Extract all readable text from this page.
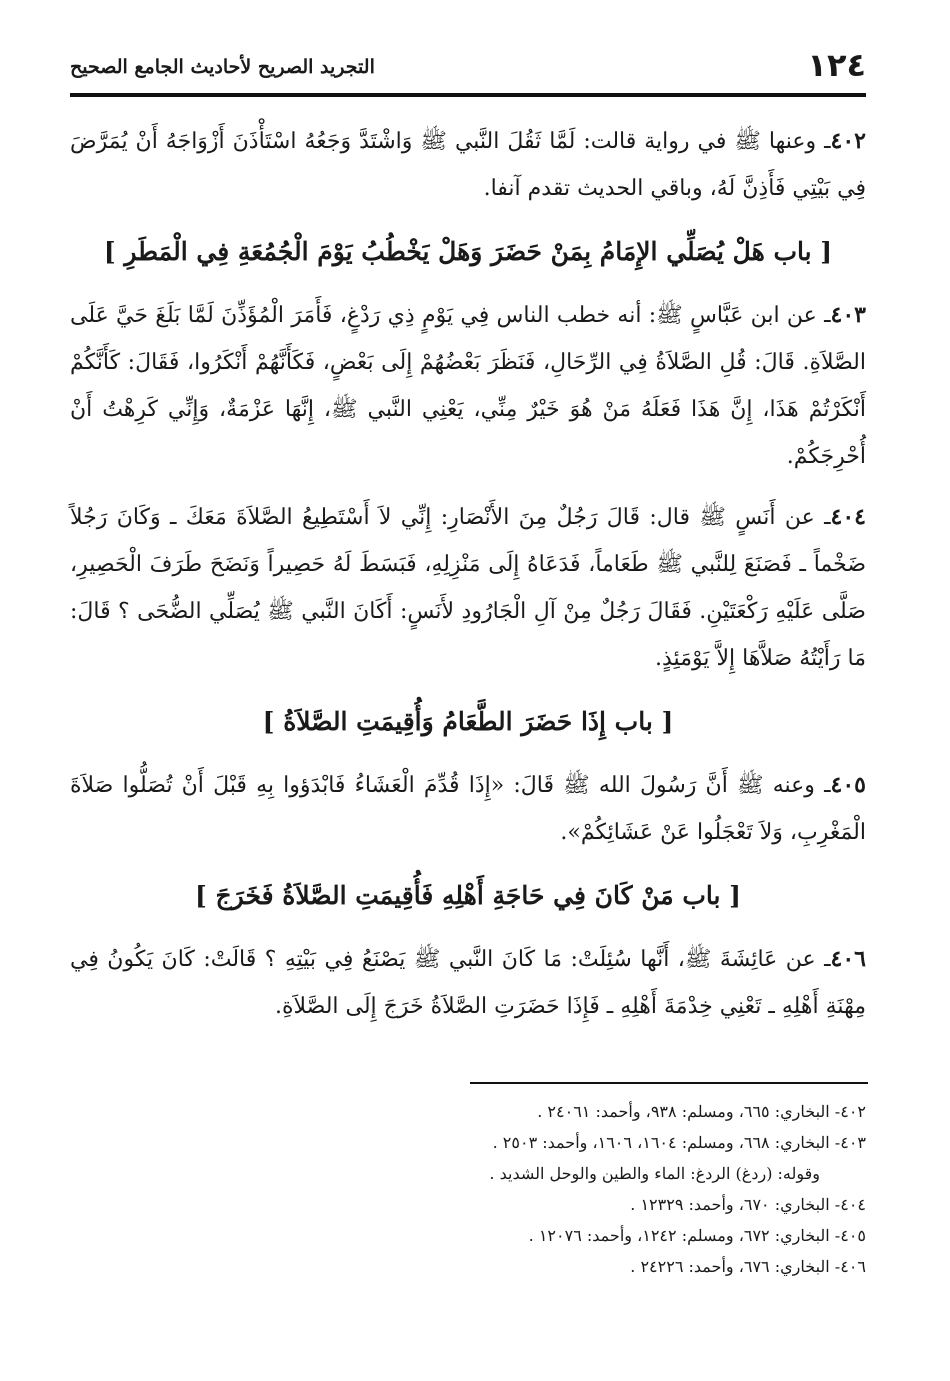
١٢٤
التجريد الصريح لأحاديث الجامع الصحيح

٤٠٢ـ وعنها ﷺ في رواية قالت: لَمَّا ثَقُلَ النَّبي ﷺ وَاشْتَدَّ وَجَعُهُ اسْتَأْذَنَ أَزْوَاجَهُ أَنْ يُمَرَّضَ فِي بَيْتِي فَأَذِنَّ لَهُ، وباقي الحديث تقدم آنفا.

[ باب هَلْ يُصَلِّي الإِمَامُ بِمَنْ حَضَرَ وَهَلْ يَخْطُبُ يَوْمَ الْجُمُعَةِ فِي الْمَطَرِ ]

٤٠٣ـ عن ابن عَبَّاسٍ ﷺ: أنه خطب الناس فِي يَوْمٍ ذِي رَدْغٍ، فَأَمَرَ الْمُؤَذِّنَ لَمَّا بَلَغَ حَيَّ عَلَى الصَّلاَةِ. قَالَ: قُلِ الصَّلاَةُ فِي الرِّحَالِ، فَنَظَرَ بَعْضُهُمْ إِلَى بَعْضٍ، فَكَأَنَّهُمْ أَنْكَرُوا، فَقَالَ: كَأَنَّكُمْ أَنْكَرْتُمْ هَذَا، إِنَّ هَذَا فَعَلَهُ مَنْ هُوَ خَيْرٌ مِنِّي، يَعْنِي النَّبي ﷺ، إِنَّهَا عَزْمَةٌ، وَإِنِّي كَرِهْتُ أَنْ أُحْرِجَكُمْ.

٤٠٤ـ عن أَنَسٍ ﷺ قال: قَالَ رَجُلٌ مِنَ الأَنْصَارِ: إِنِّي لاَ أَسْتَطِيعُ الصَّلاَةَ مَعَكَ ـ وَكَانَ رَجُلاً ضَخْماً ـ فَصَنَعَ لِلنَّبي ﷺ طَعَاماً، فَدَعَاهُ إِلَى مَنْزِلِهِ، فَبَسَطَ لَهُ حَصِيراً وَنَضَحَ طَرَفَ الْحَصِيرِ، صَلَّى عَلَيْهِ رَكْعَتَيْنِ. فَقَالَ رَجُلٌ مِنْ آلِ الْجَارُودِ لأَنَسٍ: أَكَانَ النَّبي ﷺ يُصَلِّي الضُّحَى ؟ قَالَ: مَا رَأَيْتُهُ صَلاَّهَا إِلاَّ يَوْمَئِذٍ.

[ باب إِذَا حَضَرَ الطَّعَامُ وَأُقِيمَتِ الصَّلاَةُ ]

٤٠٥ـ وعنه ﷺ أَنَّ رَسُولَ الله ﷺ قَالَ: «إِذَا قُدِّمَ الْعَشَاءُ فَابْدَؤوا بِهِ قَبْلَ أَنْ تُصَلُّوا صَلاَةَ الْمَغْرِبِ، وَلاَ تَعْجَلُوا عَنْ عَشَائِكُمْ».

[ باب مَنْ كَانَ فِي حَاجَةِ أَهْلِهِ فَأُقِيمَتِ الصَّلاَةُ فَخَرَجَ ]

٤٠٦ـ عن عَائِشَةَ ﷺ، أَنَّها سُئِلَتْ: مَا كَانَ النَّبي ﷺ يَصْنَعُ فِي بَيْتِهِ ؟ قَالَتْ: كَانَ يَكُونُ فِي مِهْنَةِ أَهْلِهِ ـ تَعْنِي خِدْمَةَ أَهْلِهِ ـ فَإِذَا حَضَرَتِ الصَّلاَةُ خَرَجَ إِلَى الصَّلاَةِ.

٤٠٢- البخاري: ٦٦٥، ومسلم: ٩٣٨، وأحمد: ٢٤٠٦١ .
٤٠٣- البخاري: ٦٦٨، ومسلم: ١٦٠٤، ١٦٠٦، وأحمد: ٢٥٠٣ .
وقوله: (ردغ) الردغ: الماء والطين والوحل الشديد .
٤٠٤- البخاري: ٦٧٠، وأحمد: ١٢٣٢٩ .
٤٠٥- البخاري: ٦٧٢، ومسلم: ١٢٤٢، وأحمد: ١٢٠٧٦ .
٤٠٦- البخاري: ٦٧٦، وأحمد: ٢٤٢٢٦ .
